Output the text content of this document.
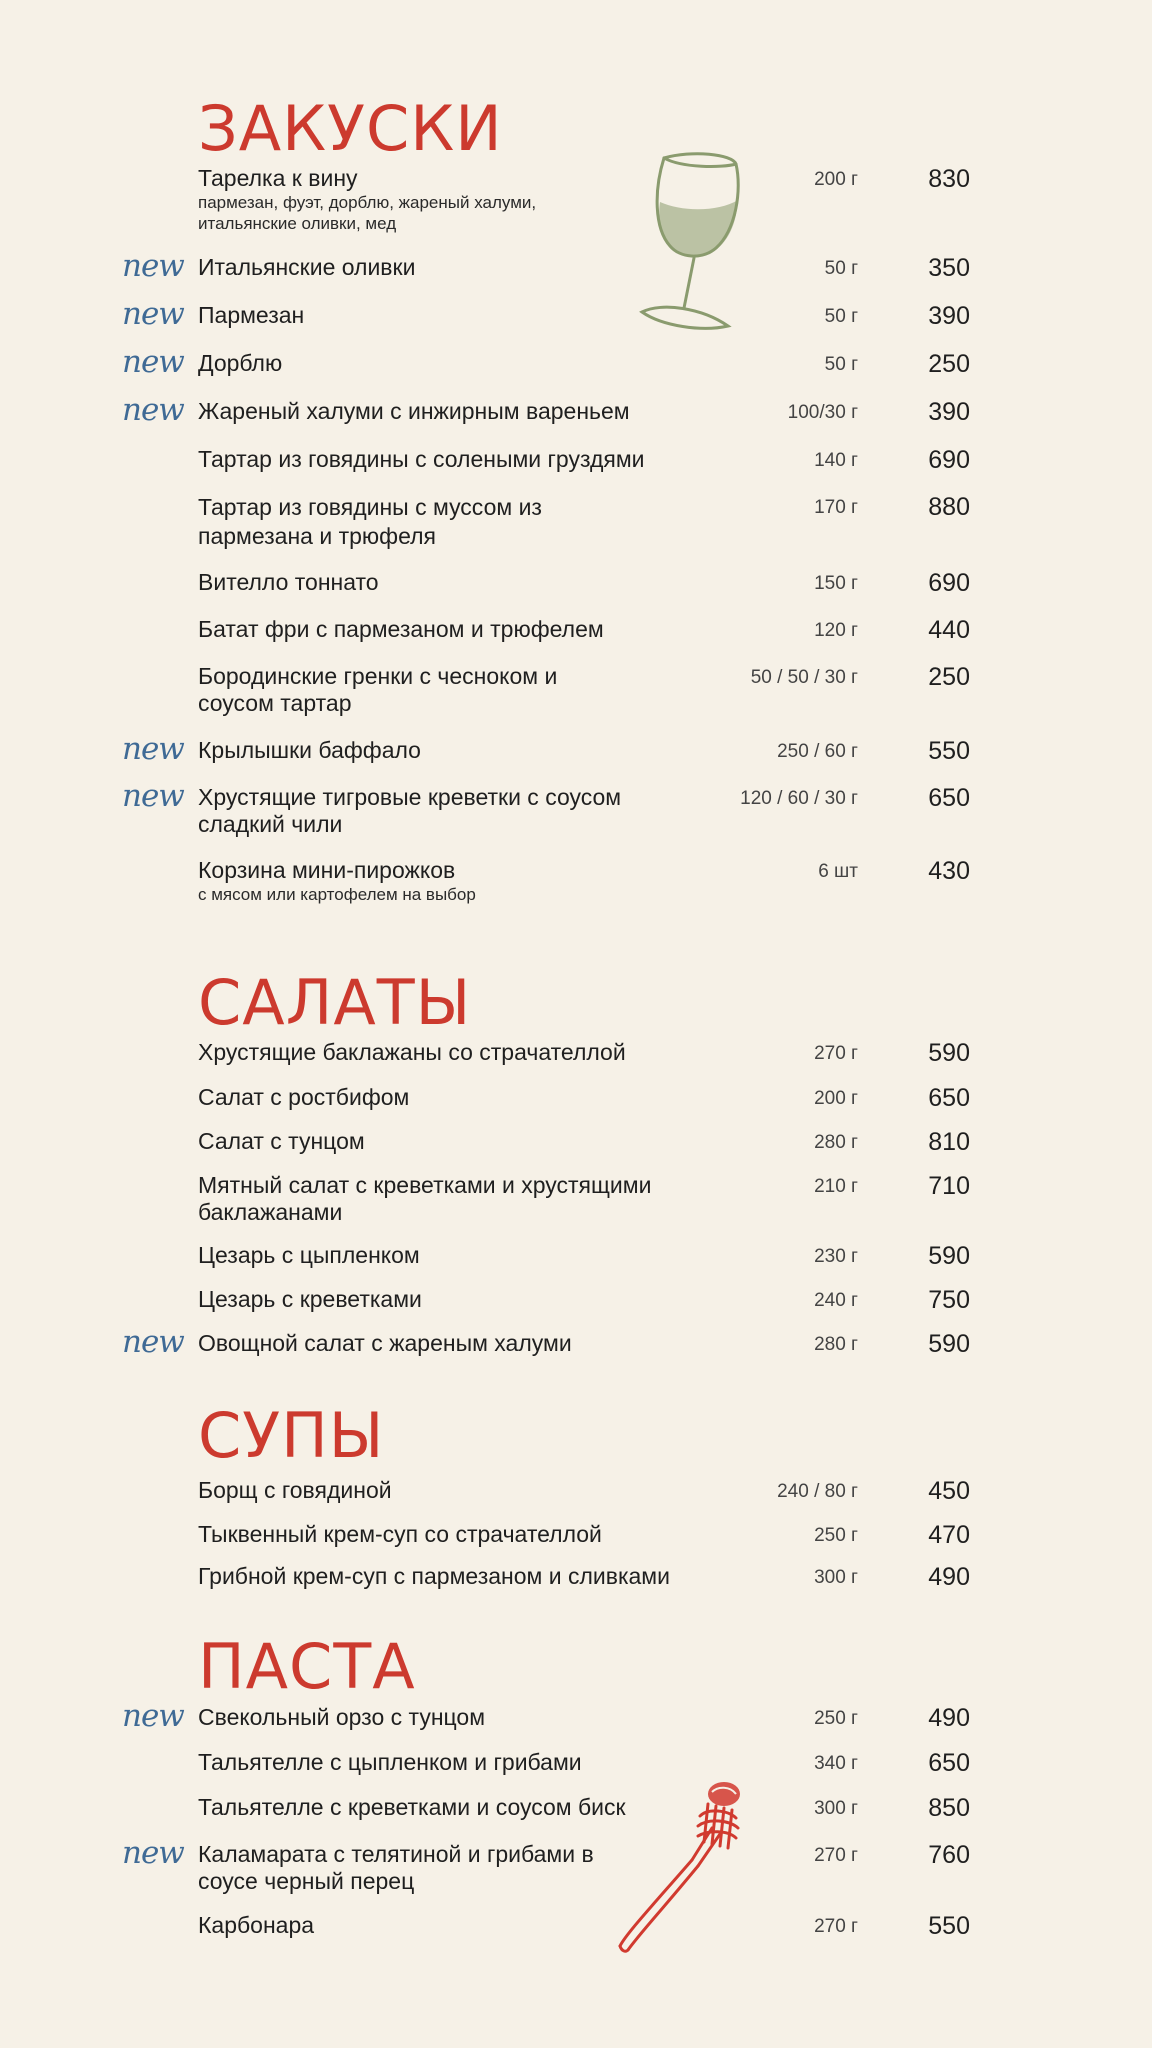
ЗАКУСКИ
Тарелка к вину
пармезан, фуэт, дорблю, жареный халуми, итальянские оливки, мед
200 г	830
new Итальянские оливки	50 г	350
new Пармезан	50 г	390
new Дорблю	50 г	250
new Жареный халуми с инжирным вареньем	100/30 г	390
Тартар из говядины с солеными груздями	140 г	690
Тартар из говядины с муссом из пармезана и трюфеля
170 г	880
Вителло тоннато	150 г	690
Батат фри с пармезаном и трюфелем	120 г	440
Бородинские гренки с чесноком и соусом тартар
50 / 50 / 30 г	250
new Крылышки баффало	250 / 60 г	550
new Хрустящие тигровые креветки с соусом сладкий чили
120 / 60 / 30 г	650
Корзина мини-пирожков
с мясом или картофелем на выбор
6 шт	430
САЛАТЫ
Хрустящие баклажаны со страчателлой	270 г	590
Салат с ростбифом	200 г	650
Салат с тунцом	280 г	810
Мятный салат с креветками и хрустящими баклажанами
210 г	710
Цезарь с цыпленком	230 г	590
Цезарь с креветками	240 г	750
new Овощной салат с жареным халуми	280 г	590
СУПЫ
Борщ с говядиной	240 / 80 г	450
Тыквенный крем-суп со страчателлой	250 г	470
Грибной крем-суп с пармезаном и сливками	300 г	490
ПАСТА
new Свекольный орзо с тунцом	250 г	490
Тальятелле с цыпленком и грибами	340 г	650
Тальятелле с креветками и соусом биск	300 г	850
new Каламарата с телятиной и грибами в соусе черный перец
270 г	760
Карбонара	270 г	550
